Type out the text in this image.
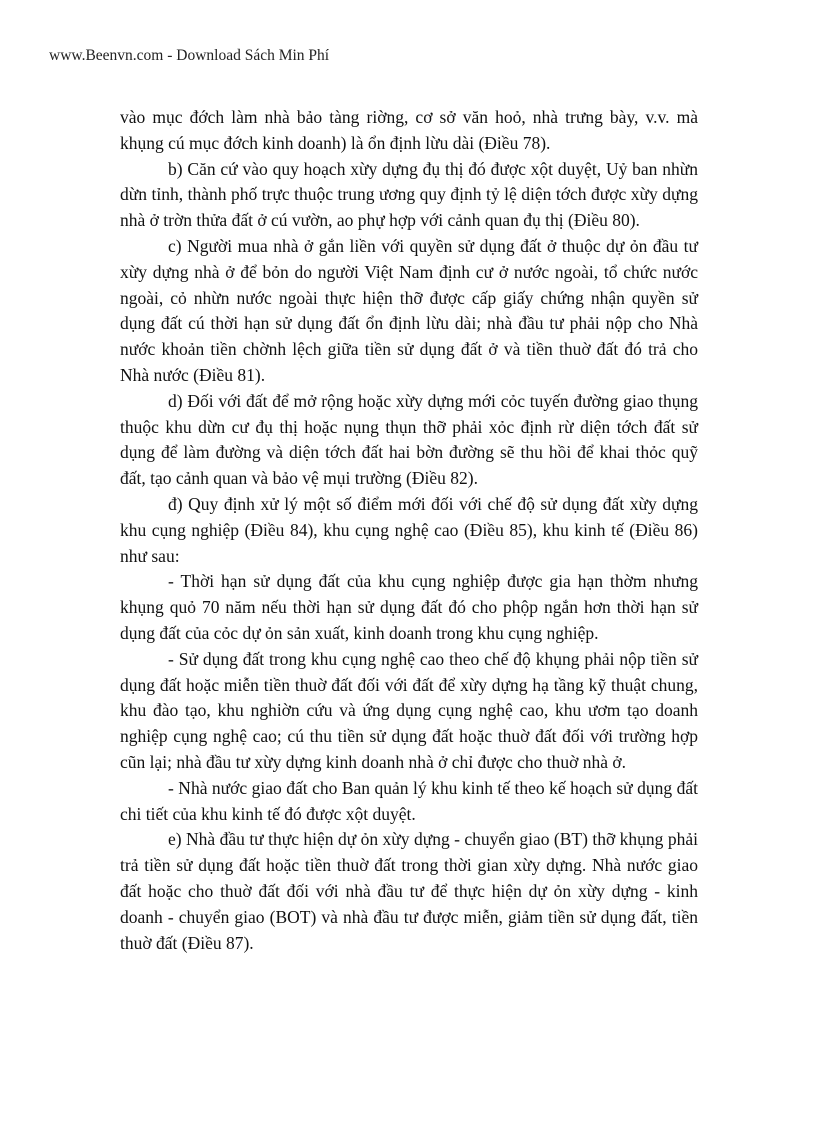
www.Beenvn.com - Download Sách Min Phí

vào mục đớch làm nhà bảo tàng riờng, cơ sở văn hoỏ, nhà trưng bày, v.v. mà khụng cú mục đớch kinh doanh) là ổn định lừu dài (Điều 78).

b) Căn cứ vào quy hoạch xừy dựng đụ thị đó được xột duyệt, Uỷ ban nhừn dừn tỉnh, thành phố trực thuộc trung ương quy định tỷ lệ diện tớch được xừy dựng nhà ở trờn thửa đất ở cú vườn, ao phự hợp với cảnh quan đụ thị (Điều 80).

c) Người mua nhà ở gắn liền với quyền sử dụng đất ở thuộc dự ỏn đầu tư xừy dựng nhà ở để bỏn do người Việt Nam định cư ở nước ngoài, tổ chức nước ngoài, cỏ nhừn nước ngoài thực hiện thỡ được cấp giấy chứng nhận quyền sử dụng đất cú thời hạn sử dụng đất ổn định lừu dài; nhà đầu tư phải nộp cho Nhà nước khoản tiền chờnh lệch giữa tiền sử dụng đất ở và tiền thuờ đất đó trả cho Nhà nước (Điều 81).

d) Đối với đất để mở rộng hoặc xừy dựng mới cỏc tuyến đường giao thụng thuộc khu dừn cư đụ thị hoặc nụng thụn thỡ phải xỏc định rừ diện tớch đất sử dụng để làm đường và diện tớch đất hai bờn đường sẽ thu hồi để khai thỏc quỹ đất, tạo cảnh quan và bảo vệ mụi trường (Điều 82).

đ) Quy định xử lý một số điểm mới đối với chế độ sử dụng đất xừy dựng khu cụng nghiệp (Điều 84), khu cụng nghệ cao (Điều 85), khu kinh tế (Điều 86) như sau:

- Thời hạn sử dụng đất của khu cụng nghiệp được gia hạn thờm nhưng khụng quỏ 70 năm nếu thời hạn sử dụng đất đó cho phộp ngắn hơn thời hạn sử dụng đất của cỏc dự ỏn sản xuất, kinh doanh trong khu cụng nghiệp.

- Sử dụng đất trong khu cụng nghệ cao theo chế độ khụng phải nộp tiền sử dụng đất hoặc miễn tiền thuờ đất đối với đất để xừy dựng hạ tầng kỹ thuật chung, khu đào tạo, khu nghiờn cứu và ứng dụng cụng nghệ cao, khu ươm tạo doanh nghiệp cụng nghệ cao; cú thu tiền sử dụng đất hoặc thuờ đất đối với trường hợp cũn lại; nhà đầu tư xừy dựng kinh doanh nhà ở chỉ được cho thuờ nhà ở.

- Nhà nước giao đất cho Ban quản lý khu kinh tế theo kế hoạch sử dụng đất chi tiết của khu kinh tế đó được xột duyệt.

e) Nhà đầu tư thực hiện dự ỏn xừy dựng - chuyển giao (BT) thỡ khụng phải trả tiền sử dụng đất hoặc tiền thuờ đất trong thời gian xừy dựng. Nhà nước giao đất hoặc cho thuờ đất đối với nhà đầu tư để thực hiện dự ỏn xừy dựng - kinh doanh - chuyển giao (BOT) và nhà đầu tư được miễn, giảm tiền sử dụng đất, tiền thuờ đất (Điều 87).
